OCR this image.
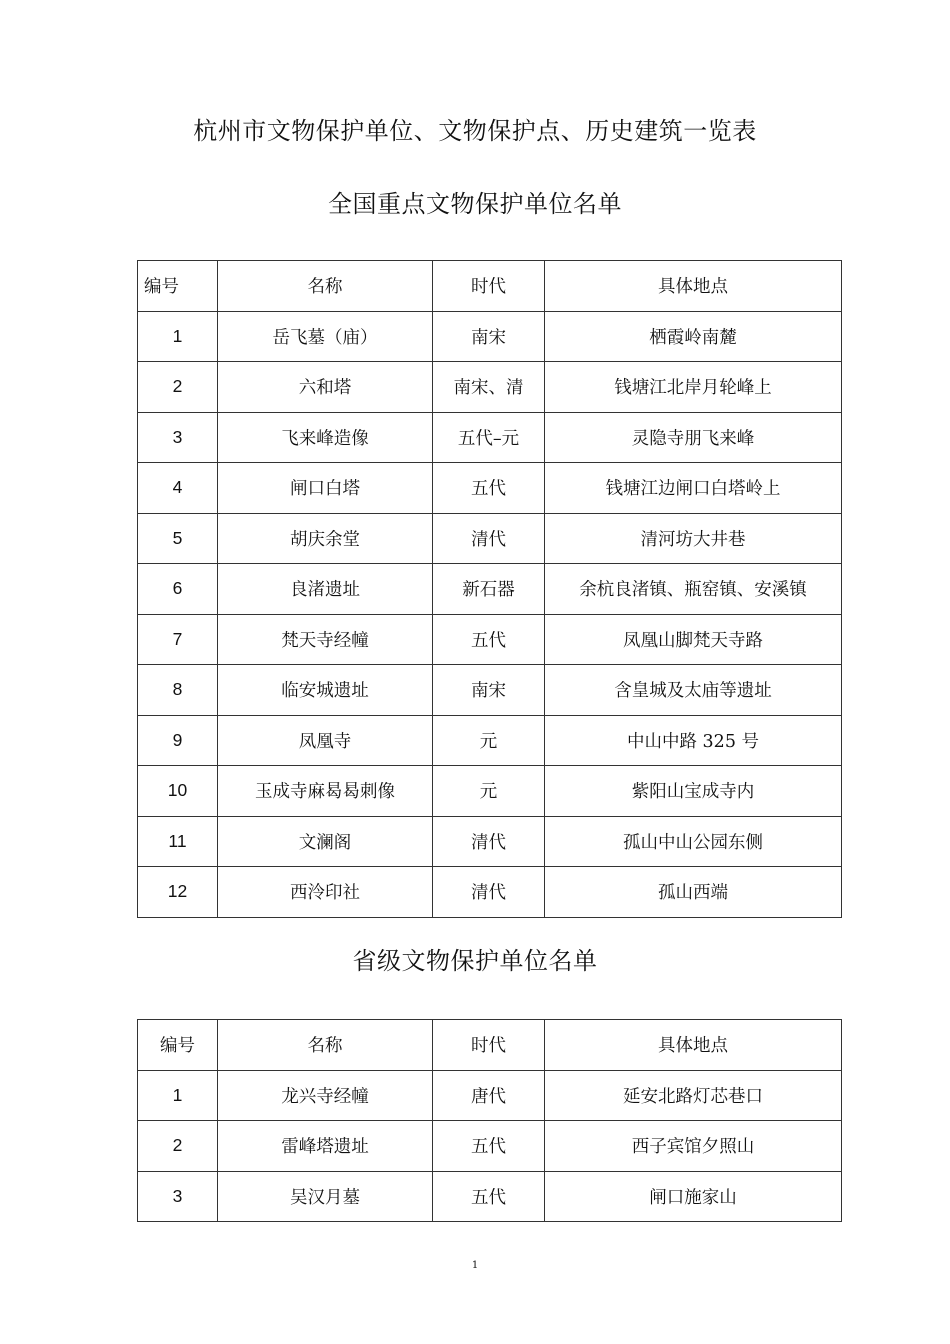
杭州市文物保护单位、文物保护点、历史建筑一览表
全国重点文物保护单位名单
编号	名称	时代	具体地点
1	岳飞墓（庙）	南宋	栖霞岭南麓
2	六和塔	南宋、清	钱塘江北岸月轮峰上
3	飞来峰造像	五代–元	灵隐寺朋飞来峰
4	闸口白塔	五代	钱塘江边闸口白塔岭上
5	胡庆余堂	清代	清河坊大井巷
6	良渚遗址	新石器	余杭良渚镇、瓶窑镇、安溪镇
7	梵天寺经幢	五代	凤凰山脚梵天寺路
8	临安城遗址	南宋	含皇城及太庙等遗址
9	凤凰寺	元	中山中路 325 号
10	玉成寺麻曷曷刺像	元	紫阳山宝成寺内
11	文澜阁	清代	孤山中山公园东侧
12	西泠印社	清代	孤山西端
省级文物保护单位名单
编号	名称	时代	具体地点
1	龙兴寺经幢	唐代	延安北路灯芯巷口
2	雷峰塔遗址	五代	西子宾馆夕照山
3	吴汉月墓	五代	闸口施家山
1
